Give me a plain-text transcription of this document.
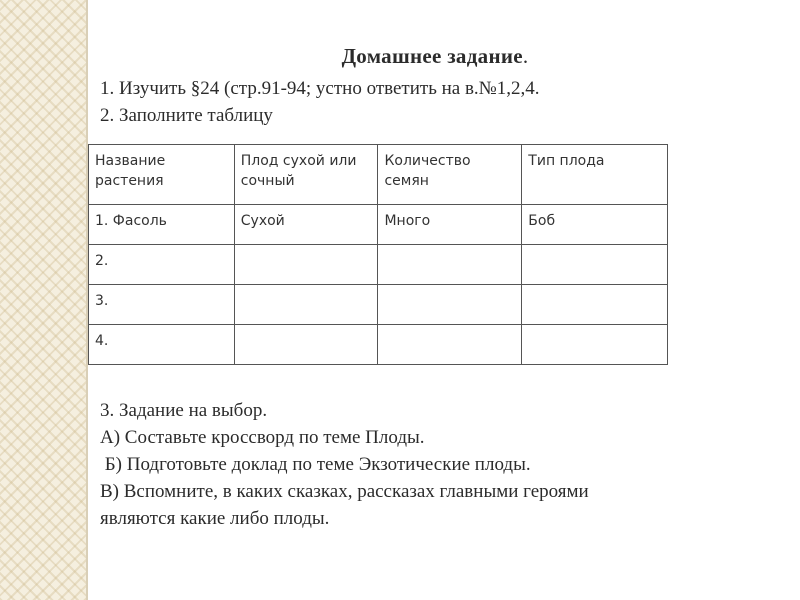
Домашнее задание.
1. Изучить §24 (стр.91-94; устно ответить на в.№1,2,4.
2. Заполните таблицу
Название растения	Плод сухой или сочный	Количество семян	Тип плода
1. Фасоль	Сухой	Много	Боб
2.			
3.			
4.			
3. Задание на выбор.
А) Составьте кроссворд по теме Плоды.
Б) Подготовьте доклад по теме Экзотические плоды.
В) Вспомните, в каких сказках, рассказах главными героями
являются какие либо плоды.
